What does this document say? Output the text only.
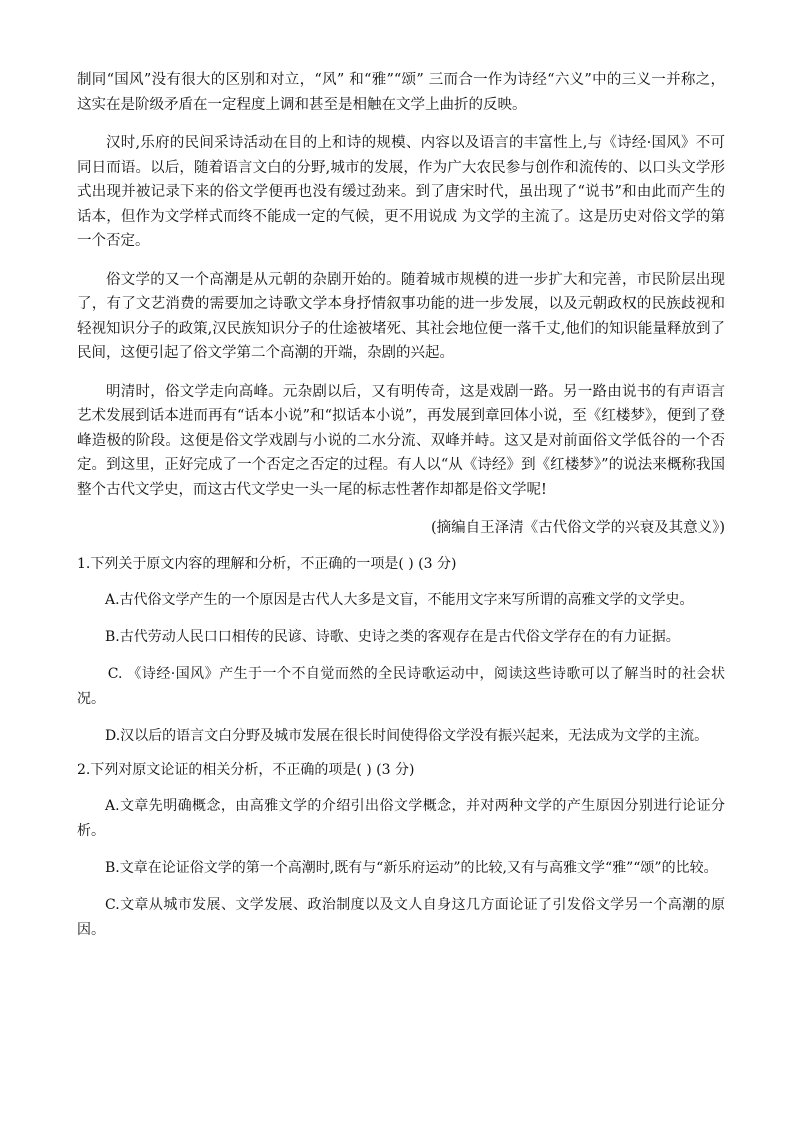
制同“国风”没有很大的区别和对立，“风” 和“雅”“颂” 三而合一作为诗经“六义”中的三义一并称之，这实在是阶级矛盾在一定程度上调和甚至是相触在文学上曲折的反映。

汉时,乐府的民间采诗活动在目的上和诗的规模、内容以及语言的丰富性上,与《诗经·国风》不可同日而语。以后，随着语言文白的分野,城市的发展，作为广大农民参与创作和流传的、以口头文学形式出现并被记录下来的俗文学便再也没有缓过劲来。到了唐宋时代，虽出现了“说书”和由此而产生的话本，但作为文学样式而终不能成一定的气候，更不用说成 为文学的主流了。这是历史对俗文学的第一个否定。

俗文学的又一个高潮是从元朝的杂剧开始的。随着城市规模的进一步扩大和完善，市民阶层出现了，有了文艺消费的需要加之诗歌文学本身抒情叙事功能的进一步发展，以及元朝政权的民族歧视和轻视知识分子的政策,汉民族知识分子的仕途被堵死、其社会地位便一落千丈,他们的知识能量释放到了民间，这便引起了俗文学第二个高潮的开端，杂剧的兴起。

明清时，俗文学走向高峰。元杂剧以后，又有明传奇，这是戏剧一路。另一路由说书的有声语言艺术发展到话本进而再有“话本小说”和“拟话本小说”，再发展到章回体小说，至《红楼梦》，便到了登峰造极的阶段。这便是俗文学戏剧与小说的二水分流、双峰并峙。这又是对前面俗文学低谷的一个否定。到这里，正好完成了一个否定之否定的过程。有人以“从《诗经》到《红楼梦》”的说法来概称我国整个古代文学史，而这古代文学史一头一尾的标志性著作却都是俗文学呢!

(摘编自王泽清《古代俗文学的兴衰及其意义》)

1.下列关于原文内容的理解和分析，不正确的一项是( ) (3 分)

A.古代俗文学产生的一个原因是古代人大多是文盲，不能用文字来写所谓的高雅文学的文学史。

B.古代劳动人民口口相传的民谚、诗歌、史诗之类的客观存在是古代俗文学存在的有力证据。

C. 《诗经·国风》产生于一个不自觉而然的全民诗歌运动中，阅读这些诗歌可以了解当时的社会状况。

D.汉以后的语言文白分野及城市发展在很长时间使得俗文学没有振兴起来，无法成为文学的主流。

2.下列对原文论证的相关分析，不正确的项是( ) (3 分)

A.文章先明确概念，由高雅文学的介绍引出俗文学概念，并对两种文学的产生原因分别进行论证分析。

B.文章在论证俗文学的第一个高潮时,既有与“新乐府运动”的比较,又有与高雅文学“雅”“颂”的比较。

C.文章从城市发展、文学发展、政治制度以及文人自身这几方面论证了引发俗文学另一个高潮的原因。
